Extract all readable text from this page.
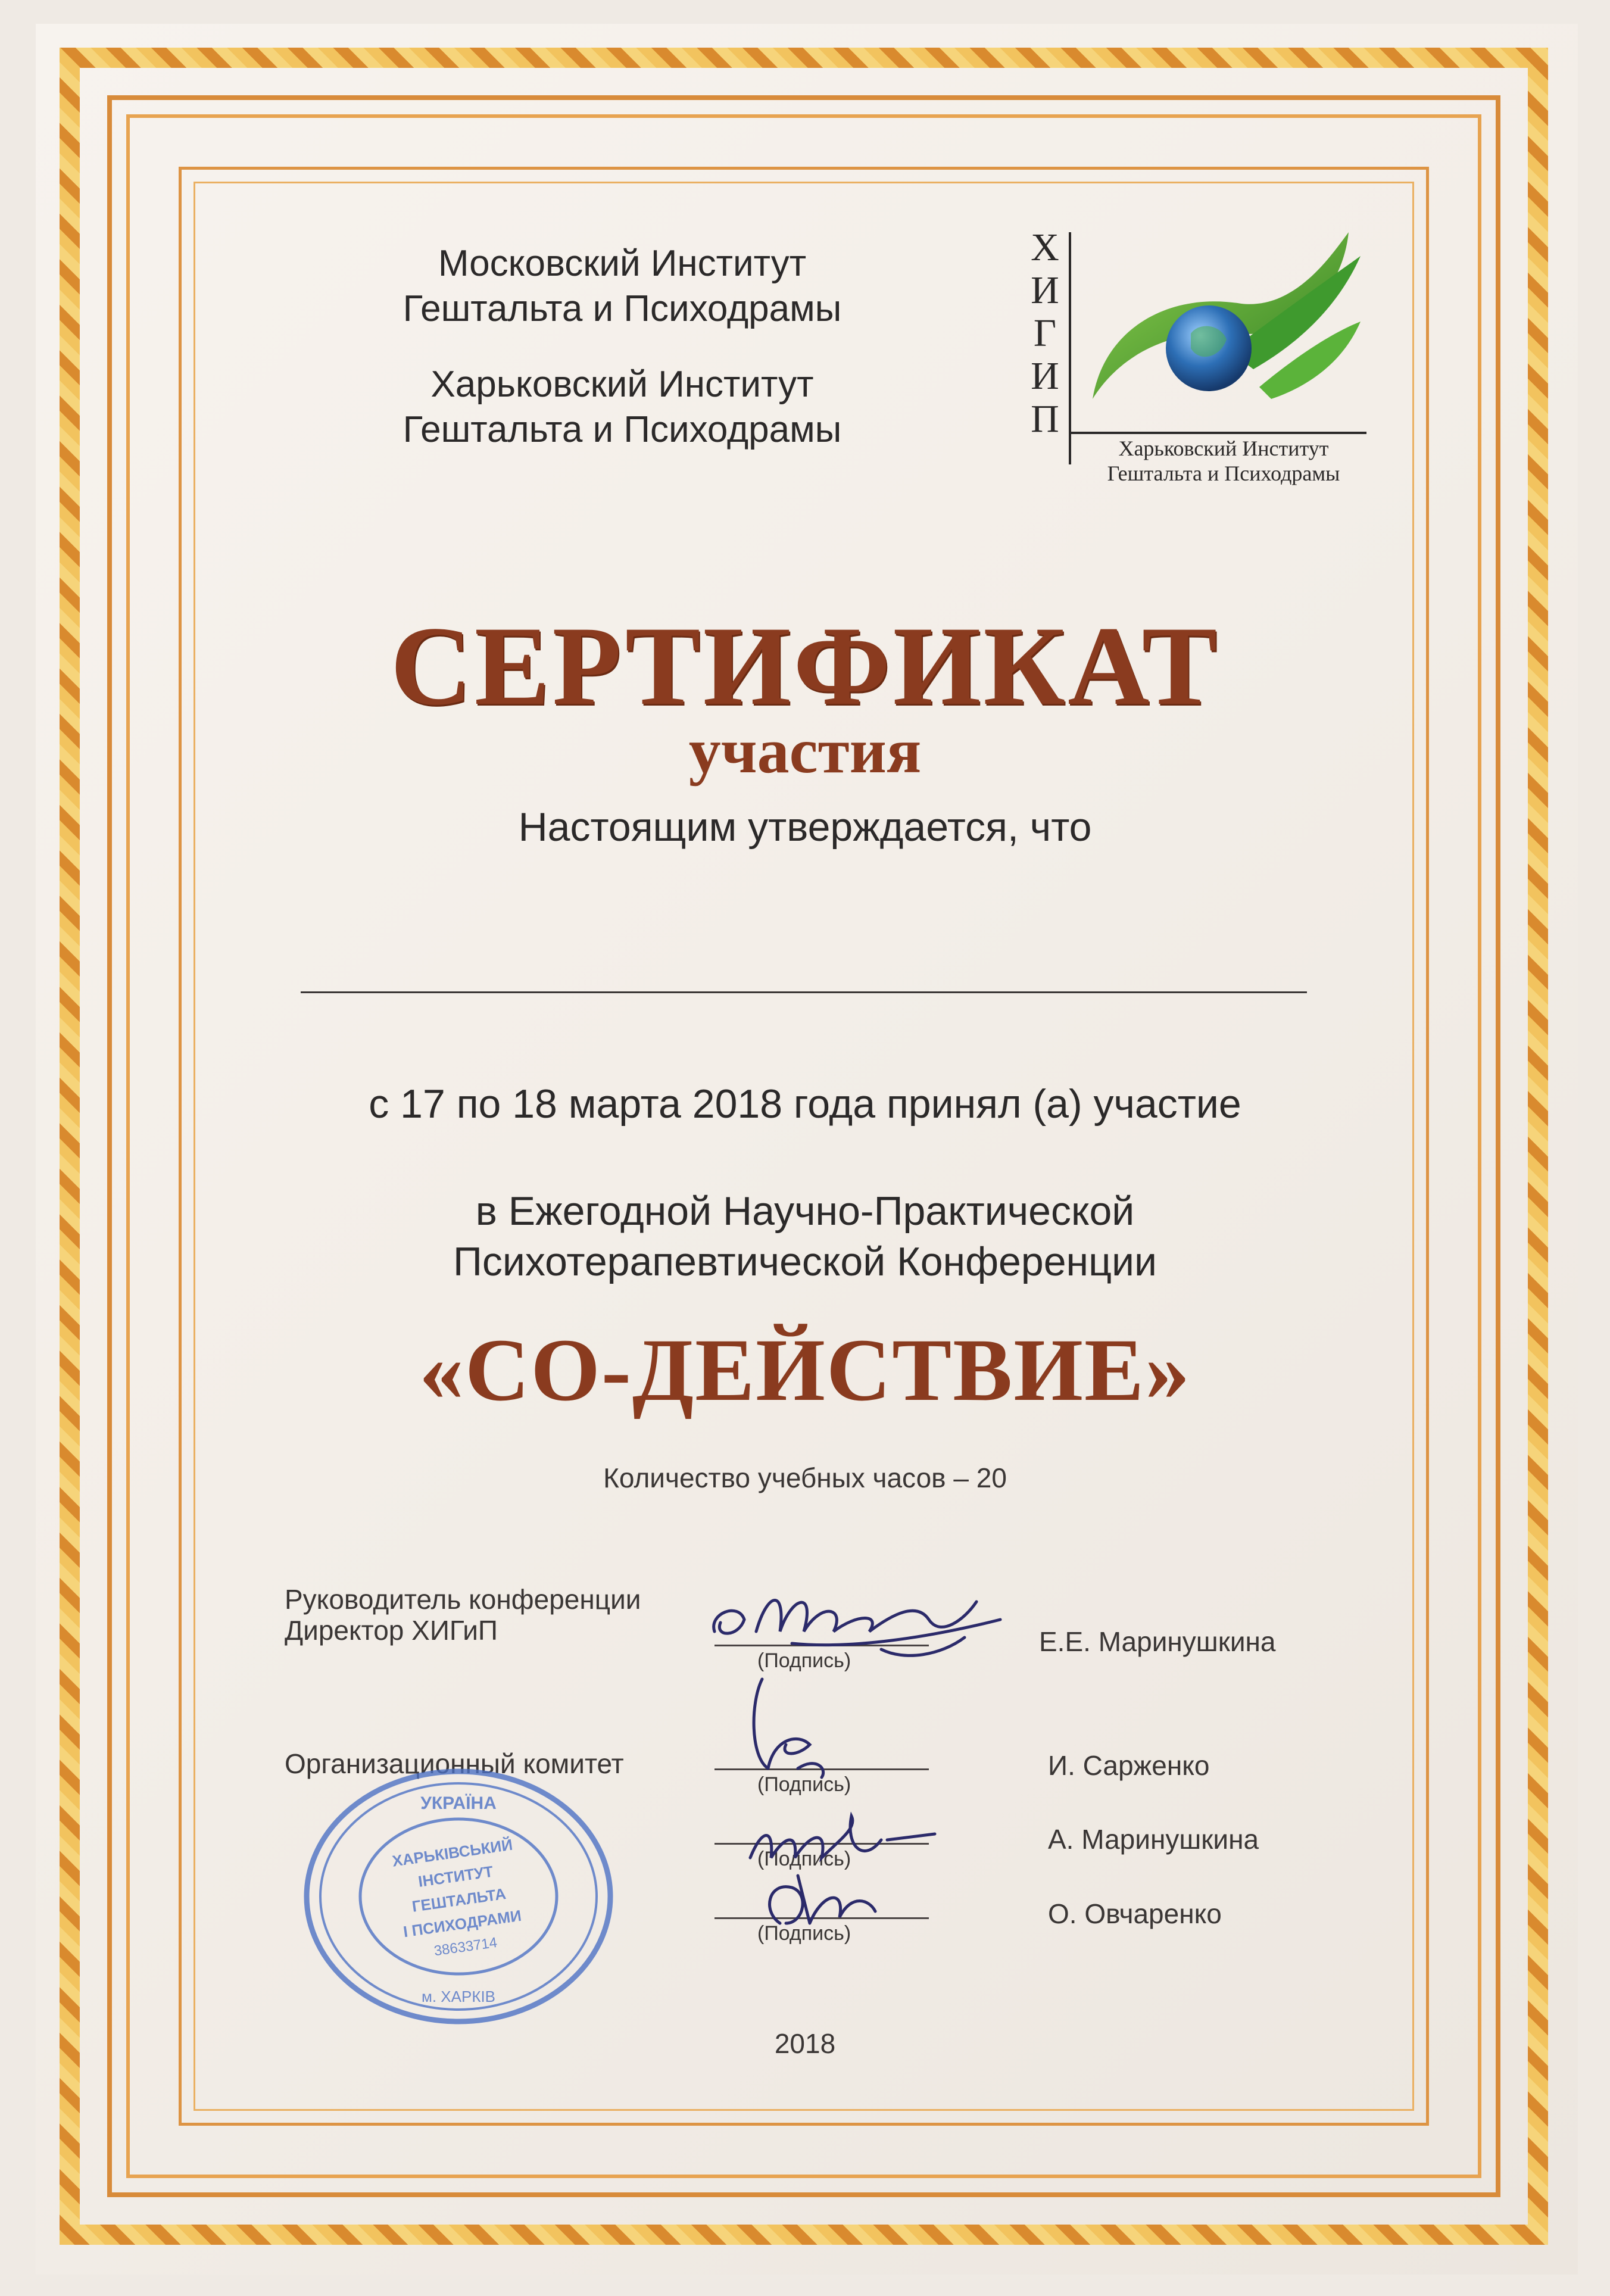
Московский Институт
Гештальта и Психодрамы
Харьковский Институт
Гештальта и Психодрамы
Х
И
Г
И
П
Харьковский Институт
Гештальта и Психодрамы
СЕРТИФИКАТ
участия
Настоящим утверждается, что
с 17 по 18 марта 2018 года принял (а) участие
в Ежегодной Научно-Практической
Психотерапевтической Конференции
«СО-ДЕЙСТВИЕ»
Количество учебных часов – 20
Руководитель конференции
Директор ХИГиП
(Подпись)
Е.Е. Маринушкина
Организационный комитет
(Подпись)
И. Сарженко
(Подпись)
А. Маринушкина
(Подпись)
О. Овчаренко
УКРАЇНА
ХАРЬКІВСЬКИЙ
ІНСТИТУТ
ГЕШТАЛЬТА
І ПСИХОДРАМИ
38633714
м. ХАРКІВ
2018
